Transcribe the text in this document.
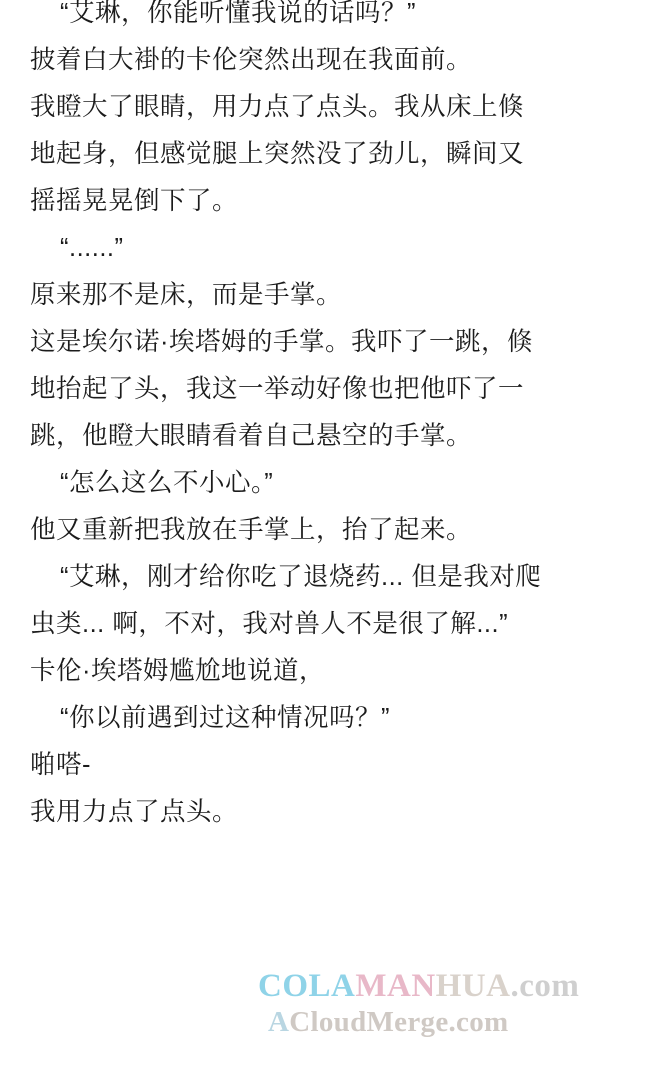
“艾琳，你能听懂我说的话吗？”
披着白大褂的卡伦突然出现在我面前。
我瞪大了眼睛，用力点了点头。我从床上倏
地起身，但感觉腿上突然没了劲儿，瞬间又
摇摇晃晃倒下了。
“......”
原来那不是床，而是手掌。
这是埃尔诺·埃塔姆的手掌。我吓了一跳，倏
地抬起了头，我这一举动好像也把他吓了一
跳，他瞪大眼睛看着自己悬空的手掌。
“怎么这么不小心。”
他又重新把我放在手掌上，抬了起来。
“艾琳，刚才给你吃了退烧药... 但是我对爬
虫类... 啊，不对，我对兽人不是很了解...”
卡伦·埃塔姆尴尬地说道，
“你以前遇到过这种情况吗？”
啪嗒-
我用力点了点头。
COLAMANHUA.com
ACloudMerge.com
